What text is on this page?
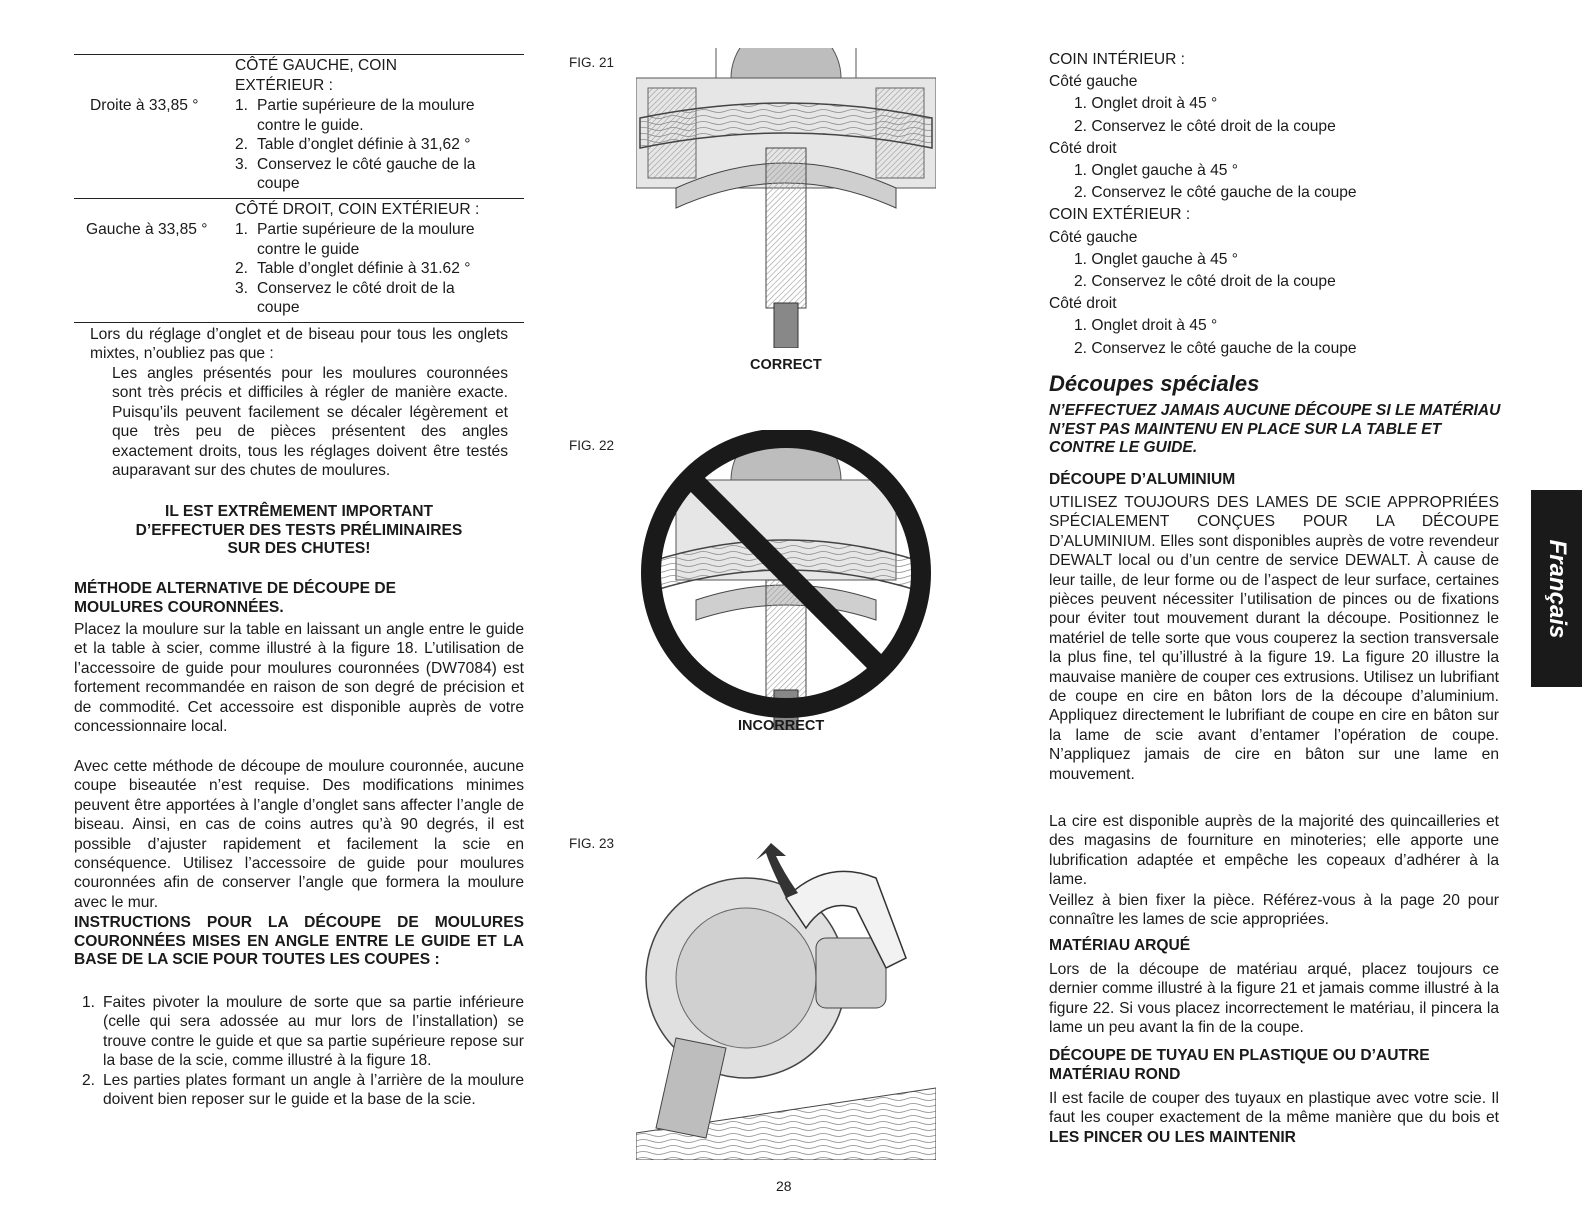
CÔTÉ GAUCHE, COIN
EXTÉRIEUR :
Droite à 33,85 ° 1. Partie supérieure de la moulure
contre le guide.
2. Table d’onglet définie à 31,62 °
3. Conservez le côté gauche de la
coupe
CÔTÉ DROIT, COIN EXTÉRIEUR :
Gauche à 33,85 ° 1. Partie supérieure de la moulure
contre le guide
2. Table d’onglet définie à 31.62 °
3. Conservez le côté droit de la
coupe

Lors du réglage d’onglet et de biseau pour tous les onglets mixtes, n’oubliez pas que :

Les angles présentés pour les moulures couronnées sont très précis et difficiles à régler de manière exacte. Puisqu’ils peuvent facilement se décaler légèrement et que très peu de pièces présentent des angles exactement droits, tous les réglages doivent être testés auparavant sur des chutes de moulures.

IL EST EXTRÊMEMENT IMPORTANT
D’EFFECTUER DES TESTS PRÉLIMINAIRES
SUR DES CHUTES!
MÉTHODE ALTERNATIVE DE DÉCOUPE DE MOULURES COURONNÉES.

Placez la moulure sur la table en laissant un angle entre le guide et la table à scier, comme illustré à la figure 18. L’utilisation de l’accessoire de guide pour moulures couronnées (DW7084) est fortement recommandée en raison de son degré de précision et de commodité. Cet accessoire est disponible auprès de votre concessionnaire local.

Avec cette méthode de découpe de moulure couronnée, aucune coupe biseautée n’est requise. Des modifications minimes peuvent être apportées à l’angle d’onglet sans affecter l’angle de biseau. Ainsi, en cas de coins autres qu’à 90 degrés, il est possible d’ajuster rapidement et facilement la scie en conséquence. Utilisez l’accessoire de guide pour moulures couronnées afin de conserver l’angle que formera la moulure avec le mur.

INSTRUCTIONS POUR LA DÉCOUPE DE MOULURES COURONNÉES MISES EN ANGLE ENTRE LE GUIDE ET LA BASE DE LA SCIE POUR TOUTES LES COUPES :
1. Faites pivoter la moulure de sorte que sa partie inférieure (celle qui sera adossée au mur lors de l’installation) se trouve contre le guide et que sa partie supérieure repose sur la base de la scie, comme illustré à la figure 18.
2. Les parties plates formant un angle à l’arrière de la moulure doivent bien reposer sur le guide et la base de la scie.
FIG. 21
CORRECT
FIG. 22
INCORRECT
FIG. 23
COIN INTÉRIEUR :
Côté gauche
1. Onglet droit à 45 °
2. Conservez le côté droit de la coupe
Côté droit
1. Onglet gauche à 45 °
2. Conservez le côté gauche de la coupe
COIN EXTÉRIEUR :
Côté gauche
1. Onglet gauche à 45 °
2. Conservez le côté droit de la coupe
Côté droit
1. Onglet droit à 45 °
2. Conservez le côté gauche de la coupe
Découpes spéciales
N’EFFECTUEZ JAMAIS AUCUNE DÉCOUPE SI LE MATÉRIAU N’EST PAS MAINTENU EN PLACE SUR LA TABLE ET CONTRE LE GUIDE.
DÉCOUPE D’ALUMINIUM

UTILISEZ TOUJOURS DES LAMES DE SCIE APPROPRIÉES SPÉCIALEMENT CONÇUES POUR LA DÉCOUPE D’ALUMINIUM. Elles sont disponibles auprès de votre revendeur DEWALT local ou d’un centre de service DEWALT. À cause de leur taille, de leur forme ou de l’aspect de leur surface, certaines pièces peuvent nécessiter l’utilisation de pinces ou de fixations pour éviter tout mouvement durant la découpe. Positionnez le matériel de telle sorte que vous couperez la section transversale la plus fine, tel qu’illustré à la figure 19. La figure 20 illustre la mauvaise manière de couper ces extrusions. Utilisez un lubrifiant de coupe en cire en bâton lors de la découpe d’aluminium. Appliquez directement le lubrifiant de coupe en cire en bâton sur la lame de scie avant d’entamer l’opération de coupe. N’appliquez jamais de cire en bâton sur une lame en mouvement.

La cire est disponible auprès de la majorité des quincailleries et des magasins de fourniture en minoteries; elle apporte une lubrification adaptée et empêche les copeaux d’adhérer à la lame.

Veillez à bien fixer la pièce. Référez-vous à la page 20 pour connaître les lames de scie appropriées.

MATÉRIAU ARQUÉ

Lors de la découpe de matériau arqué, placez toujours ce dernier comme illustré à la figure 21 et jamais comme illustré à la figure 22. Si vous placez incorrectement le matériau, il pincera la lame un peu avant la fin de la coupe.

DÉCOUPE DE TUYAU EN PLASTIQUE OU D’AUTRE MATÉRIAU ROND

Il est facile de couper des tuyaux en plastique avec votre scie. Il faut les couper exactement de la même manière que du bois et LES PINCER OU LES MAINTENIR

Français
28
